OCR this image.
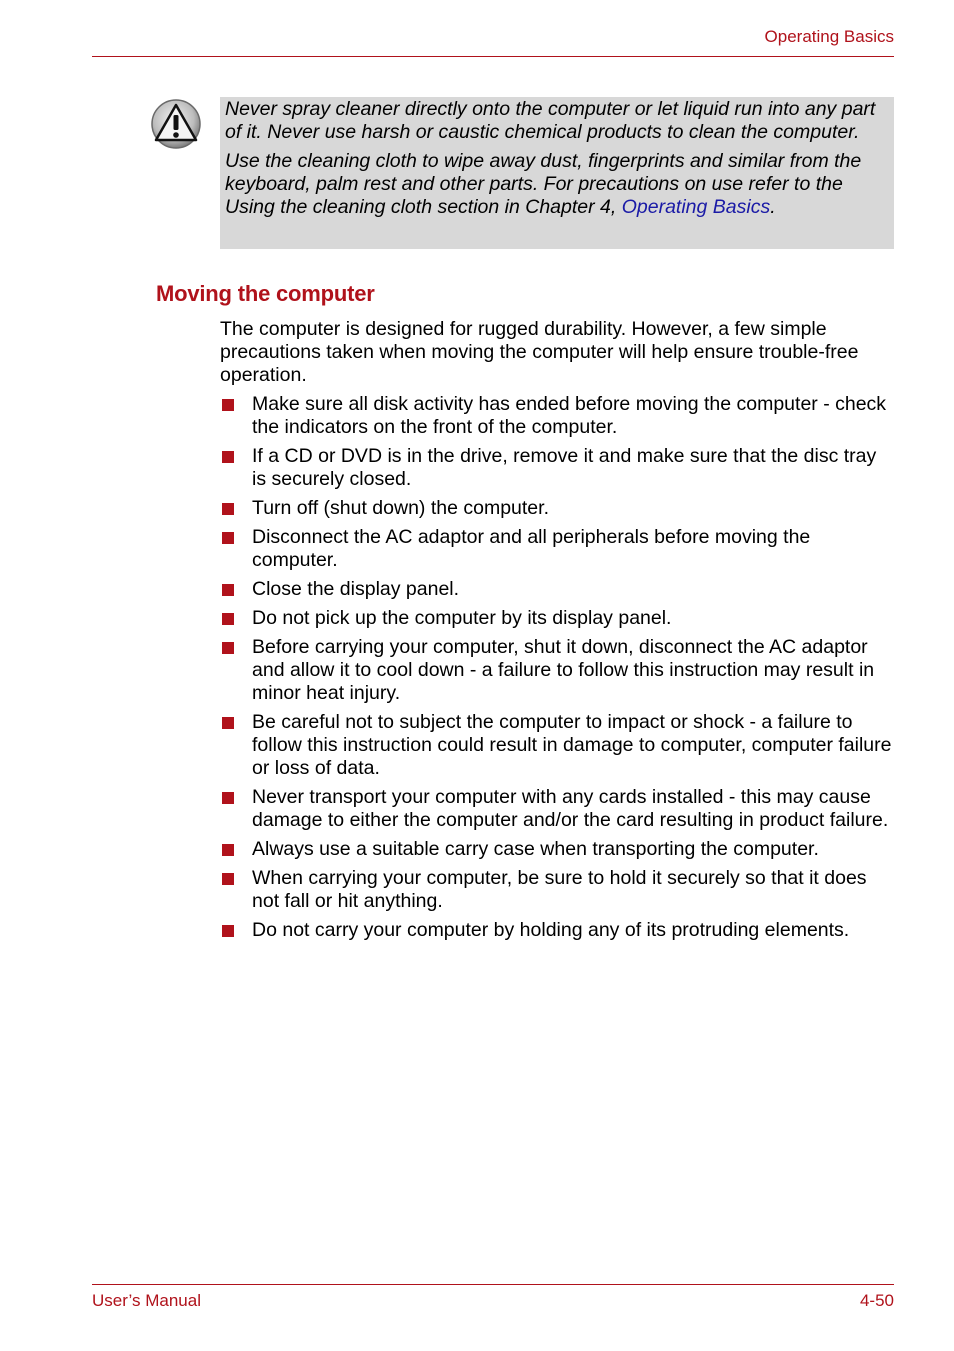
Operating Basics

Never spray cleaner directly onto the computer or let liquid run into any part of it. Never use harsh or caustic chemical products to clean the computer.

Use the cleaning cloth to wipe away dust, fingerprints and similar from the keyboard, palm rest and other parts. For precautions on use refer to the Using the cleaning cloth section in Chapter 4, Operating Basics.

Moving the computer

The computer is designed for rugged durability. However, a few simple precautions taken when moving the computer will help ensure trouble-free operation.

Make sure all disk activity has ended before moving the computer - check the indicators on the front of the computer.
If a CD or DVD is in the drive, remove it and make sure that the disc tray is securely closed.
Turn off (shut down) the computer.
Disconnect the AC adaptor and all peripherals before moving the computer.
Close the display panel.
Do not pick up the computer by its display panel.
Before carrying your computer, shut it down, disconnect the AC adaptor and allow it to cool down - a failure to follow this instruction may result in minor heat injury.
Be careful not to subject the computer to impact or shock - a failure to follow this instruction could result in damage to computer, computer failure or loss of data.
Never transport your computer with any cards installed - this may cause damage to either the computer and/or the card resulting in product failure.
Always use a suitable carry case when transporting the computer.
When carrying your computer, be sure to hold it securely so that it does not fall or hit anything.
Do not carry your computer by holding any of its protruding elements.
User’s Manual	4-50
